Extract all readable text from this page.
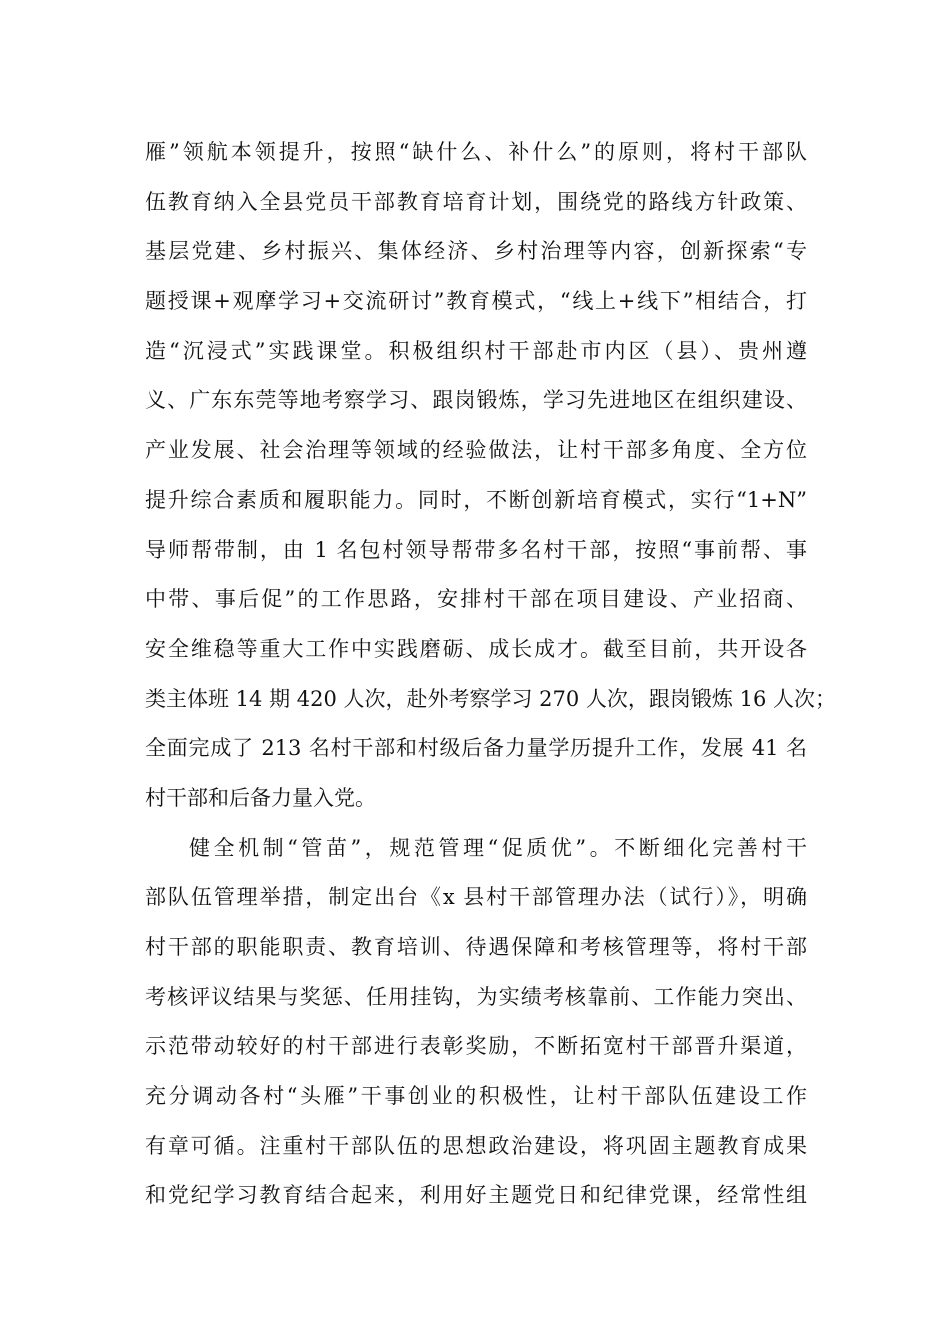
雁”领航本领提升，按照“缺什么、补什么”的原则，将村干部队
伍教育纳入全县党员干部教育培育计划，围绕党的路线方针政策、
基层党建、乡村振兴、集体经济、乡村治理等内容，创新探索“专
题授课+观摩学习+交流研讨”教育模式，“线上+线下”相结合，打
造“沉浸式”实践课堂。积极组织村干部赴市内区（县）、贵州遵
义、广东东莞等地考察学习、跟岗锻炼，学习先进地区在组织建设、
产业发展、社会治理等领域的经验做法，让村干部多角度、全方位
提升综合素质和履职能力。同时，不断创新培育模式，实行“1+N”
导师帮带制，由 1 名包村领导帮带多名村干部，按照“事前帮、事
中带、事后促”的工作思路，安排村干部在项目建设、产业招商、
安全维稳等重大工作中实践磨砺、成长成才。截至目前，共开设各
类主体班 14 期 420 人次，赴外考察学习 270 人次，跟岗锻炼 16 人次；
全面完成了 213 名村干部和村级后备力量学历提升工作，发展 41 名
村干部和后备力量入党。
健全机制“管苗”，规范管理“促质优”。不断细化完善村干
部队伍管理举措，制定出台《x 县村干部管理办法（试行）》，明确
村干部的职能职责、教育培训、待遇保障和考核管理等，将村干部
考核评议结果与奖惩、任用挂钩，为实绩考核靠前、工作能力突出、
示范带动较好的村干部进行表彰奖励，不断拓宽村干部晋升渠道，
充分调动各村“头雁”干事创业的积极性，让村干部队伍建设工作
有章可循。注重村干部队伍的思想政治建设，将巩固主题教育成果
和党纪学习教育结合起来，利用好主题党日和纪律党课，经常性组
